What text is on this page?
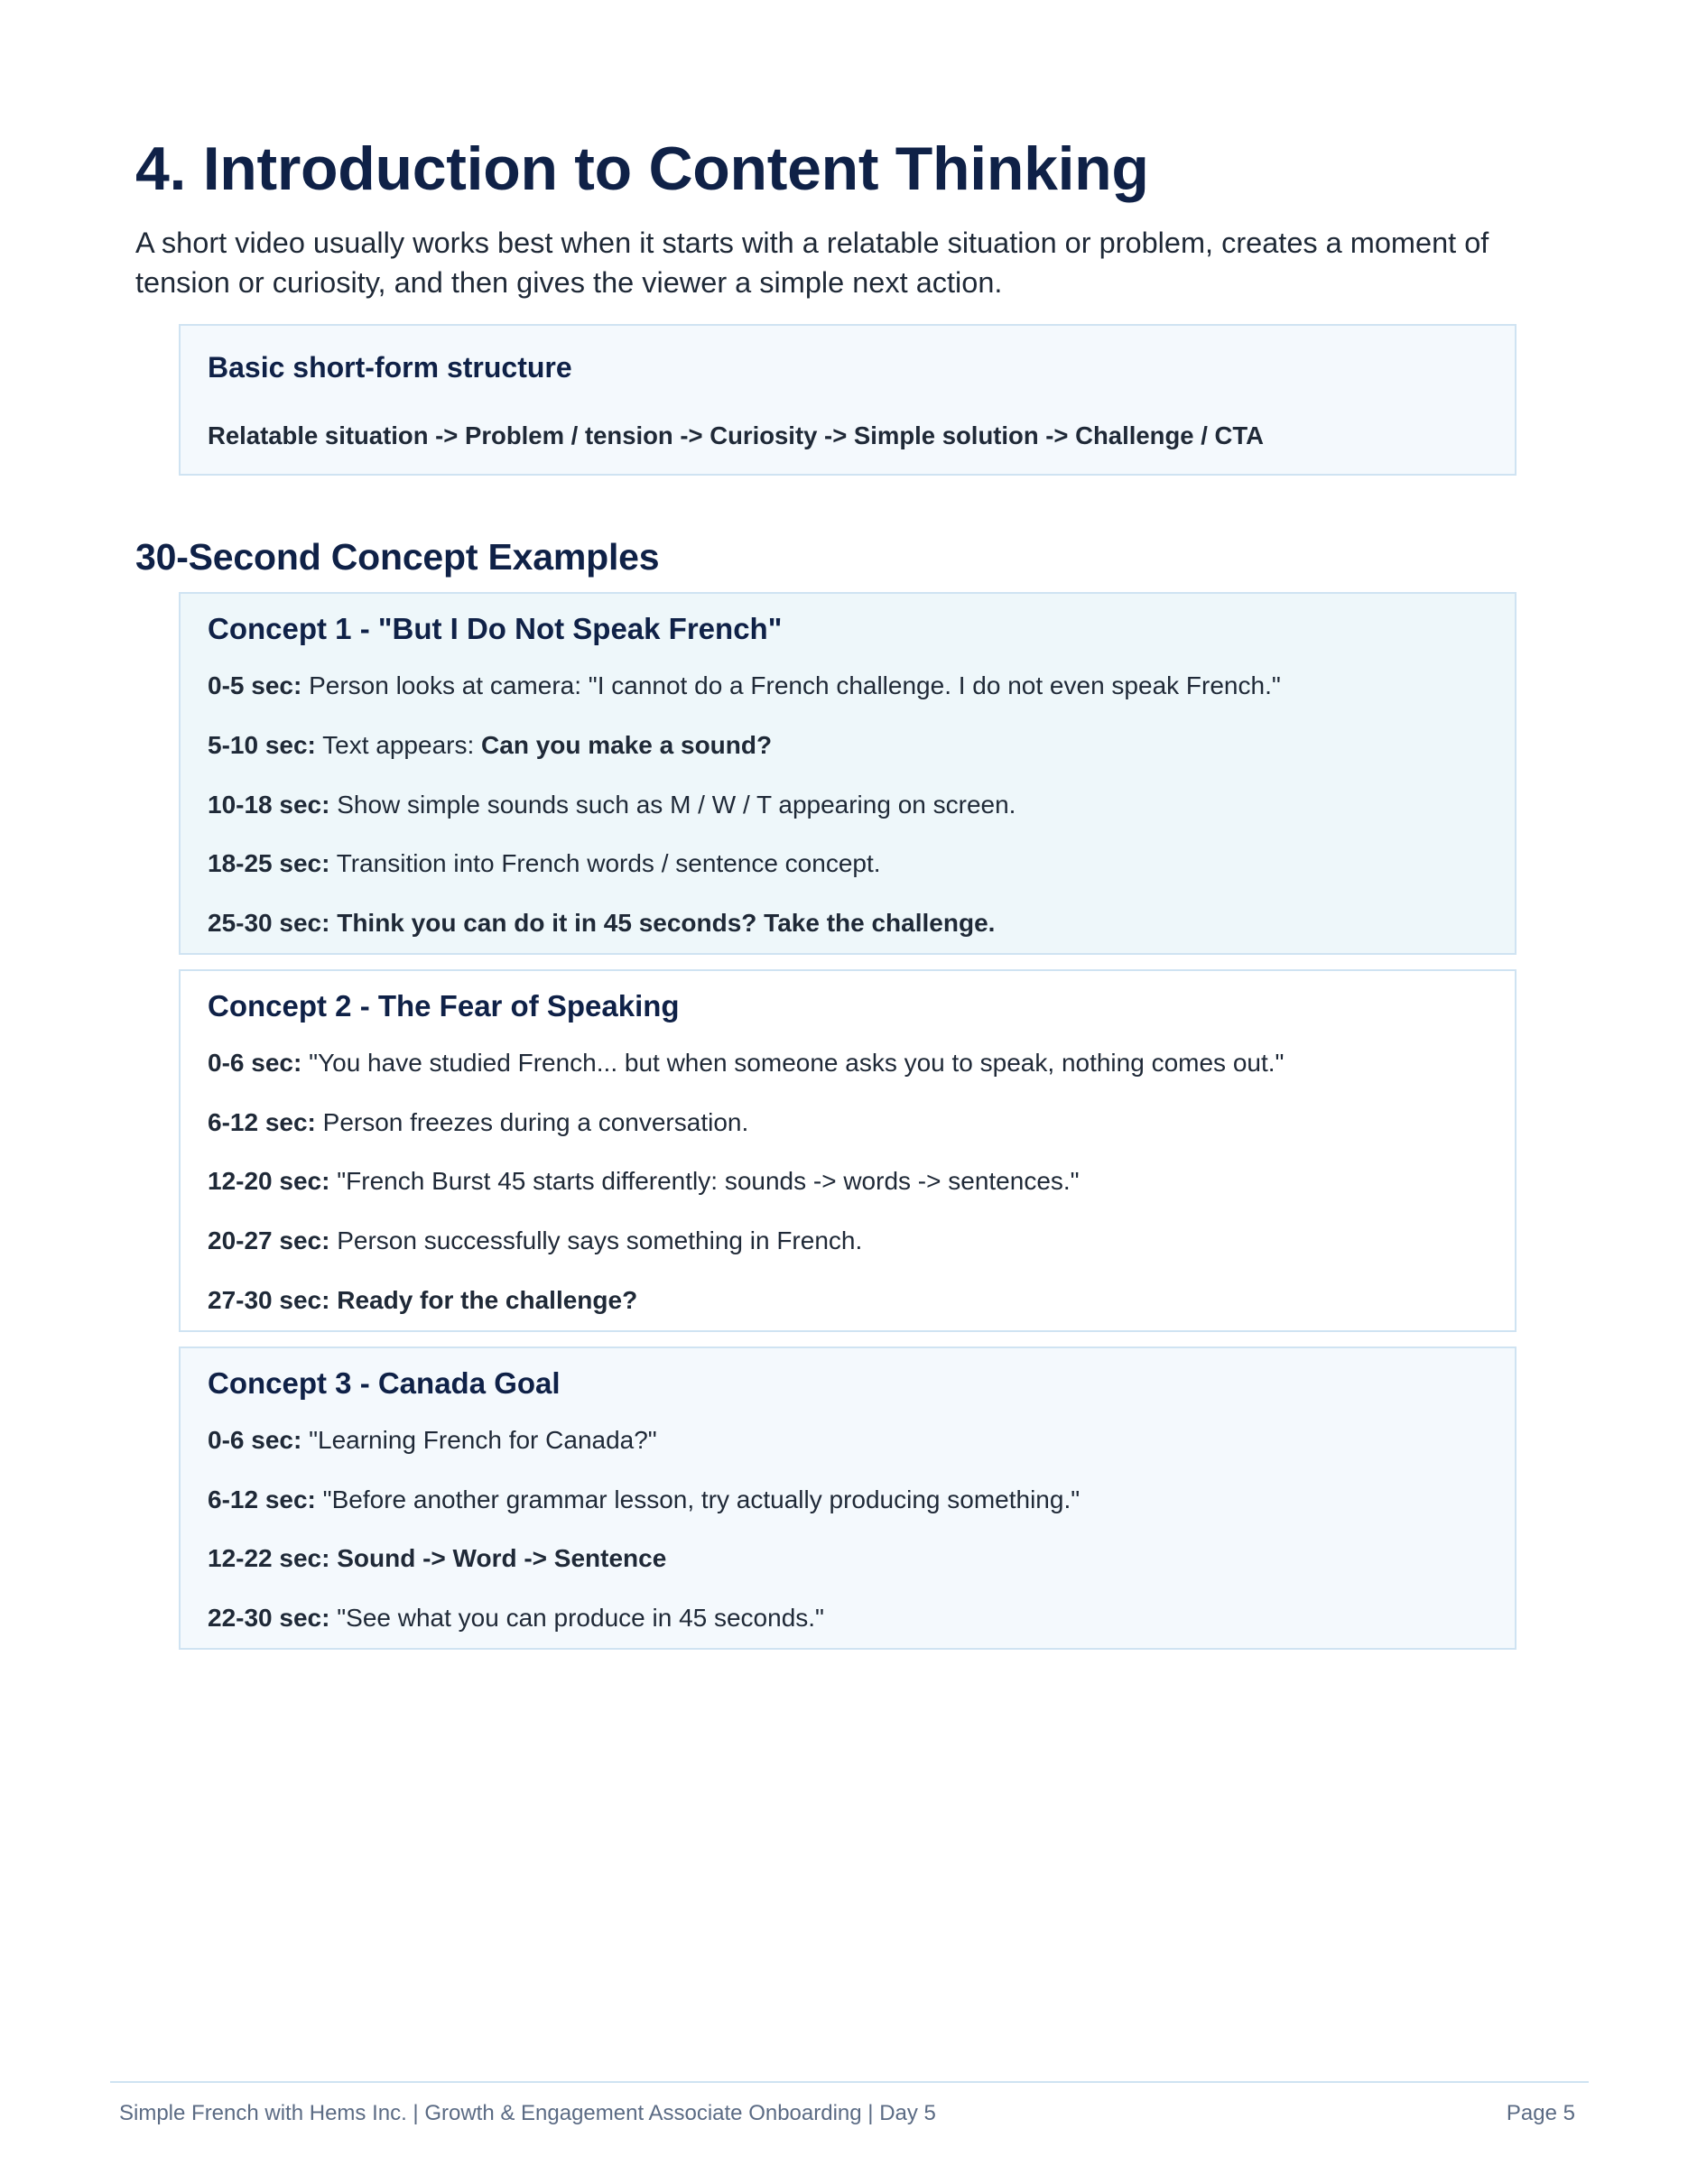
4. Introduction to Content Thinking

A short video usually works best when it starts with a relatable situation or problem, creates a moment of tension or curiosity, and then gives the viewer a simple next action.

Basic short-form structure
Relatable situation -> Problem / tension -> Curiosity -> Simple solution -> Challenge / CTA
30-Second Concept Examples
Concept 1 - "But I Do Not Speak French"

0-5 sec: Person looks at camera: "I cannot do a French challenge. I do not even speak French."

5-10 sec: Text appears: Can you make a sound?

10-18 sec: Show simple sounds such as M / W / T appearing on screen.

18-25 sec: Transition into French words / sentence concept.

25-30 sec: Think you can do it in 45 seconds? Take the challenge.

Concept 2 - The Fear of Speaking

0-6 sec: "You have studied French... but when someone asks you to speak, nothing comes out."

6-12 sec: Person freezes during a conversation.

12-20 sec: "French Burst 45 starts differently: sounds -> words -> sentences."

20-27 sec: Person successfully says something in French.

27-30 sec: Ready for the challenge?

Concept 3 - Canada Goal

0-6 sec: "Learning French for Canada?"

6-12 sec: "Before another grammar lesson, try actually producing something."

12-22 sec: Sound -> Word -> Sentence

22-30 sec: "See what you can produce in 45 seconds."

Simple French with Hems Inc. | Growth & Engagement Associate Onboarding | Day 5	Page 5
